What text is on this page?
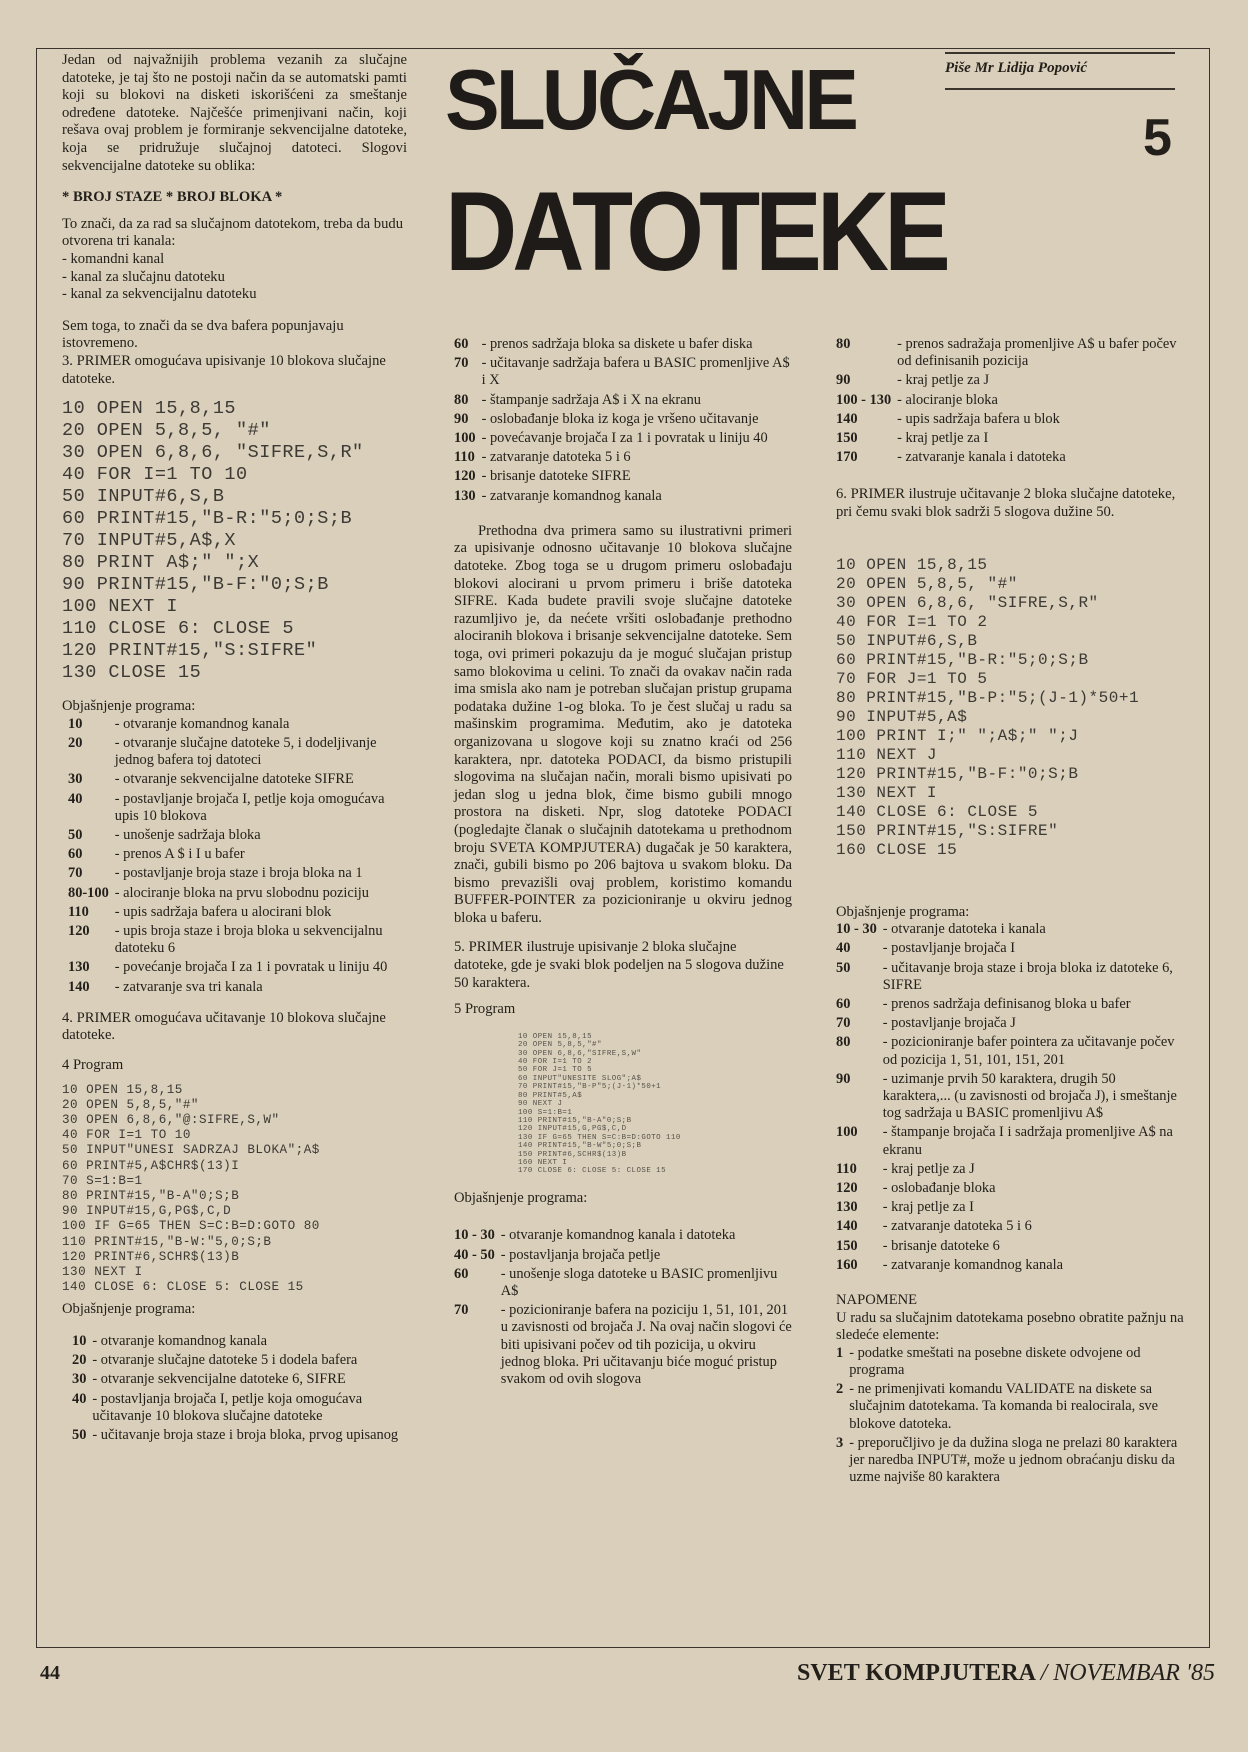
Piše Mr Lidija Popović
SLUČAJNE	5
DATOTEKE

Jedan od najvažnijih problema vezanih za slučajne datoteke, je taj što ne postoji način da se automatski pamti koji su blokovi na disketi iskorišćeni za smeštanje određene datoteke. Najčešće primenjivani način, koji rešava ovaj problem je formiranje sekvencijalne datoteke, koja se pridružuje slučajnoj datoteci. Slogovi sekvencijalne datoteke su oblika:

* BROJ STAZE * BROJ BLOKA *

To znači, da za rad sa slučajnom datotekom, treba da budu otvorena tri kanala:

- komandni kanal
- kanal za slučajnu datoteku
- kanal za sekvencijalnu datoteku

Sem toga, to znači da se dva bafera popunjavaju istovremeno.

3. PRIMER omogućava upisivanje 10 blokova slučajne datoteke.

10 OPEN 15,8,15
20 OPEN 5,8,5, "#"
30 OPEN 6,8,6, "SIFRE,S,R"
40 FOR I=1 TO 10
50 INPUT#6,S,B
60 PRINT#15,"B-R:"5;0;S;B
70 INPUT#5,A$,X
80 PRINT A$;" ";X
90 PRINT#15,"B-F:"0;S;B
100 NEXT I
110 CLOSE 6: CLOSE 5
120 PRINT#15,"S:SIFRE"
130 CLOSE 15
Objašnjenje programa:
10	- otvaranje komandnog kanala
20	- otvaranje slučajne datoteke 5, i dodeljivanje jednog bafera toj datoteci
30	- otvaranje sekvencijalne datoteke SIFRE
40	- postavljanje brojača I, petlje koja omogućava upis 10 blokova
50	- unošenje sadržaja bloka
60	- prenos A $ i I u bafer
70	- postavljanje broja staze i broja bloka na 1
80-100 - alociranje bloka na prvu slobodnu poziciju
110	- upis sadržaja bafera u alocirani blok
120	- upis broja staze i broja bloka u sekvencijalnu datoteku 6
130	- povećanje brojača I za 1 i povratak u liniju 40
140	- zatvaranje sva tri kanala

4. PRIMER omogućava učitavanje 10 blokova slučajne datoteke.

4 Program

10 OPEN 15,8,15
20 OPEN 5,8,5,"#"
30 OPEN 6,8,6,"@:SIFRE,S,W"
40 FOR I=1 TO 10
50 INPUT"UNESI SADRZAJ BLOKA";A$
60 PRINT#5,A$CHR$(13)I
70 S=1:B=1
80 PRINT#15,"B-A"0;S;B
90 INPUT#15,G,PG$,C,D
100 IF G=65 THEN S=C:B=D:GOTO 80
110 PRINT#15,"B-W:"5,0;S;B
120 PRINT#6,SCHR$(13)B
130 NEXT I
140 CLOSE 6: CLOSE 5: CLOSE 15
Objašnjenje programa:
10 - otvaranje komandnog kanala
20 - otvaranje slučajne datoteke 5 i dodela bafera
30 - otvaranje sekvencijalne datoteke 6, SIFRE
40 - postavljanja brojača I, petlje koja omogućava učitavanje 10 blokova slučajne datoteke
50 - učitavanje broja staze i broja bloka, prvog upisanog
60 - prenos sadržaja bloka sa diskete u bafer diska
70 - učitavanje sadržaja bafera u BASIC promenljive A$ i X
80 - štampanje sadržaja A$ i X na ekranu
90 - oslobađanje bloka iz koga je vršeno učitavanje
100 - povećavanje brojača I za 1 i povratak u liniju 40
110 - zatvaranje datoteka 5 i 6
120 - brisanje datoteke SIFRE
130 - zatvaranje komandnog kanala

Prethodna dva primera samo su ilustrativni primeri za upisivanje odnosno učitavanje 10 blokova slučajne datoteke. Zbog toga se u drugom primeru oslobađaju blokovi alocirani u prvom primeru i briše datoteka SIFRE. Kada budete pravili svoje slučajne datoteke razumljivo je, da nećete vršiti oslobađanje prethodno alociranih blokova i brisanje sekvencijalne datoteke. Sem toga, ovi primeri pokazuju da je moguć slučajan pristup samo blokovima u celini. To znači da ovakav način rada ima smisla ako nam je potreban slučajan pristup grupama podataka dužine 1-og bloka. To je čest slučaj u radu sa mašinskim programima. Međutim, ako je datoteka organizovana u slogove koji su znatno kraći od 256 karaktera, npr. datoteka PODACI, da bismo pristupili slogovima na slučajan način, morali bismo upisivati po jedan slog u jedna blok, čime bismo gubili mnogo prostora na disketi. Npr, slog datoteke PODACI (pogledajte članak o slučajnih datotekama u prethodnom broju SVETA KOMPJUTERA) dugačak je 50 karaktera, znači, gubili bismo po 206 bajtova u svakom bloku. Da bismo prevazišli ovaj problem, koristimo komandu BUFFER-POINTER za pozicioniranje u okviru jednog bloka u baferu.

5. PRIMER ilustruje upisivanje 2 bloka slučajne datoteke, gde je svaki blok podeljen na 5 slogova dužine 50 karaktera.

5 Program
10 OPEN 15,8,15
20 OPEN 5,8,5,"#"
30 OPEN 6,8,6,"SIFRE,S,W"
40 FOR I=1 TO 2
50 FOR J=1 TO 5
60 INPUT"UNESITE SLOG";A$
70 PRINT#15,"B-P"5;(J-1)*50+1
80 PRINT#5,A$
90 NEXT J
100 S=1:B=1
110 PRINT#15,"B-A"0;S;B
120 INPUT#15,G,PG$,C,D
130 IF G=65 THEN S=C:B=D:GOTO 110
140 PRINT#15,"B-W"5;0;S;B
150 PRINT#6,SCHR$(13)B
160 NEXT I
170 CLOSE 6: CLOSE 5: CLOSE 15
Objašnjenje programa:
10 - 30 - otvaranje komandnog kanala i datoteka
40 - 50 - postavljanja brojača petlje
60	- unošenje sloga datoteke u BASIC promenljivu A$
70	- pozicioniranje bafera na poziciju 1, 51, 101, 201 u zavisnosti od brojača J. Na ovaj način slogovi će biti upisivani počev od tih pozicija, u okviru jednog bloka. Pri učitavanju biće moguć pristup svakom od ovih slogova
80	- prenos sadražaja promenljive A$ u bafer počev od definisanih pozicija
90	- kraj petlje za J
100 - 130 - alociranje bloka
140	- upis sadržaja bafera u blok
150	- kraj petlje za I
170	- zatvaranje kanala i datoteka

6. PRIMER ilustruje učitavanje 2 bloka slučajne datoteke, pri čemu svaki blok sadrži 5 slogova dužine 50.

10 OPEN 15,8,15
20 OPEN 5,8,5, "#"
30 OPEN 6,8,6, "SIFRE,S,R"
40 FOR I=1 TO 2
50 INPUT#6,S,B
60 PRINT#15,"B-R:"5;0;S;B
70 FOR J=1 TO 5
80 PRINT#15,"B-P:"5;(J-1)*50+1
90 INPUT#5,A$
100 PRINT I;" ";A$;" ";J
110 NEXT J
120 PRINT#15,"B-F:"0;S;B
130 NEXT I
140 CLOSE 6: CLOSE 5
150 PRINT#15,"S:SIFRE"
160 CLOSE 15
Objašnjenje programa:
10 - 30 - otvaranje datoteka i kanala
40	- postavljanje brojača I
50	- učitavanje broja staze i broja bloka iz datoteke 6, SIFRE
60	- prenos sadržaja definisanog bloka u bafer
70	- postavljanje brojača J
80	- pozicioniranje bafer pointera za učitavanje počev od pozicija 1, 51, 101, 151, 201
90	- uzimanje prvih 50 karaktera, drugih 50 karaktera,... (u zavisnosti od brojača J), i smeštanje tog sadržaja u BASIC promenljivu A$
100	- štampanje brojača I i sadržaja promenljive A$ na ekranu
110	- kraj petlje za J
120	- oslobađanje bloka
130	- kraj petlje za I
140	- zatvaranje datoteka 5 i 6
150	- brisanje datoteke 6
160	- zatvaranje komandnog kanala
NAPOMENE
U radu sa slučajnim datotekama posebno obratite pažnju na sledeće elemente:
1 - podatke smeštati na posebne diskete odvojene od programa
2 - ne primenjivati komandu VALIDATE na diskete sa slučajnim datotekama. Ta komanda bi realocirala, sve blokove datoteka.
3 - preporučljivo je da dužina sloga ne prelazi 80 karaktera jer naredba INPUT#, može u jednom obraćanju disku da uzme najviše 80 karaktera
44	SVET KOMPJUTERA / NOVEMBAR '85
